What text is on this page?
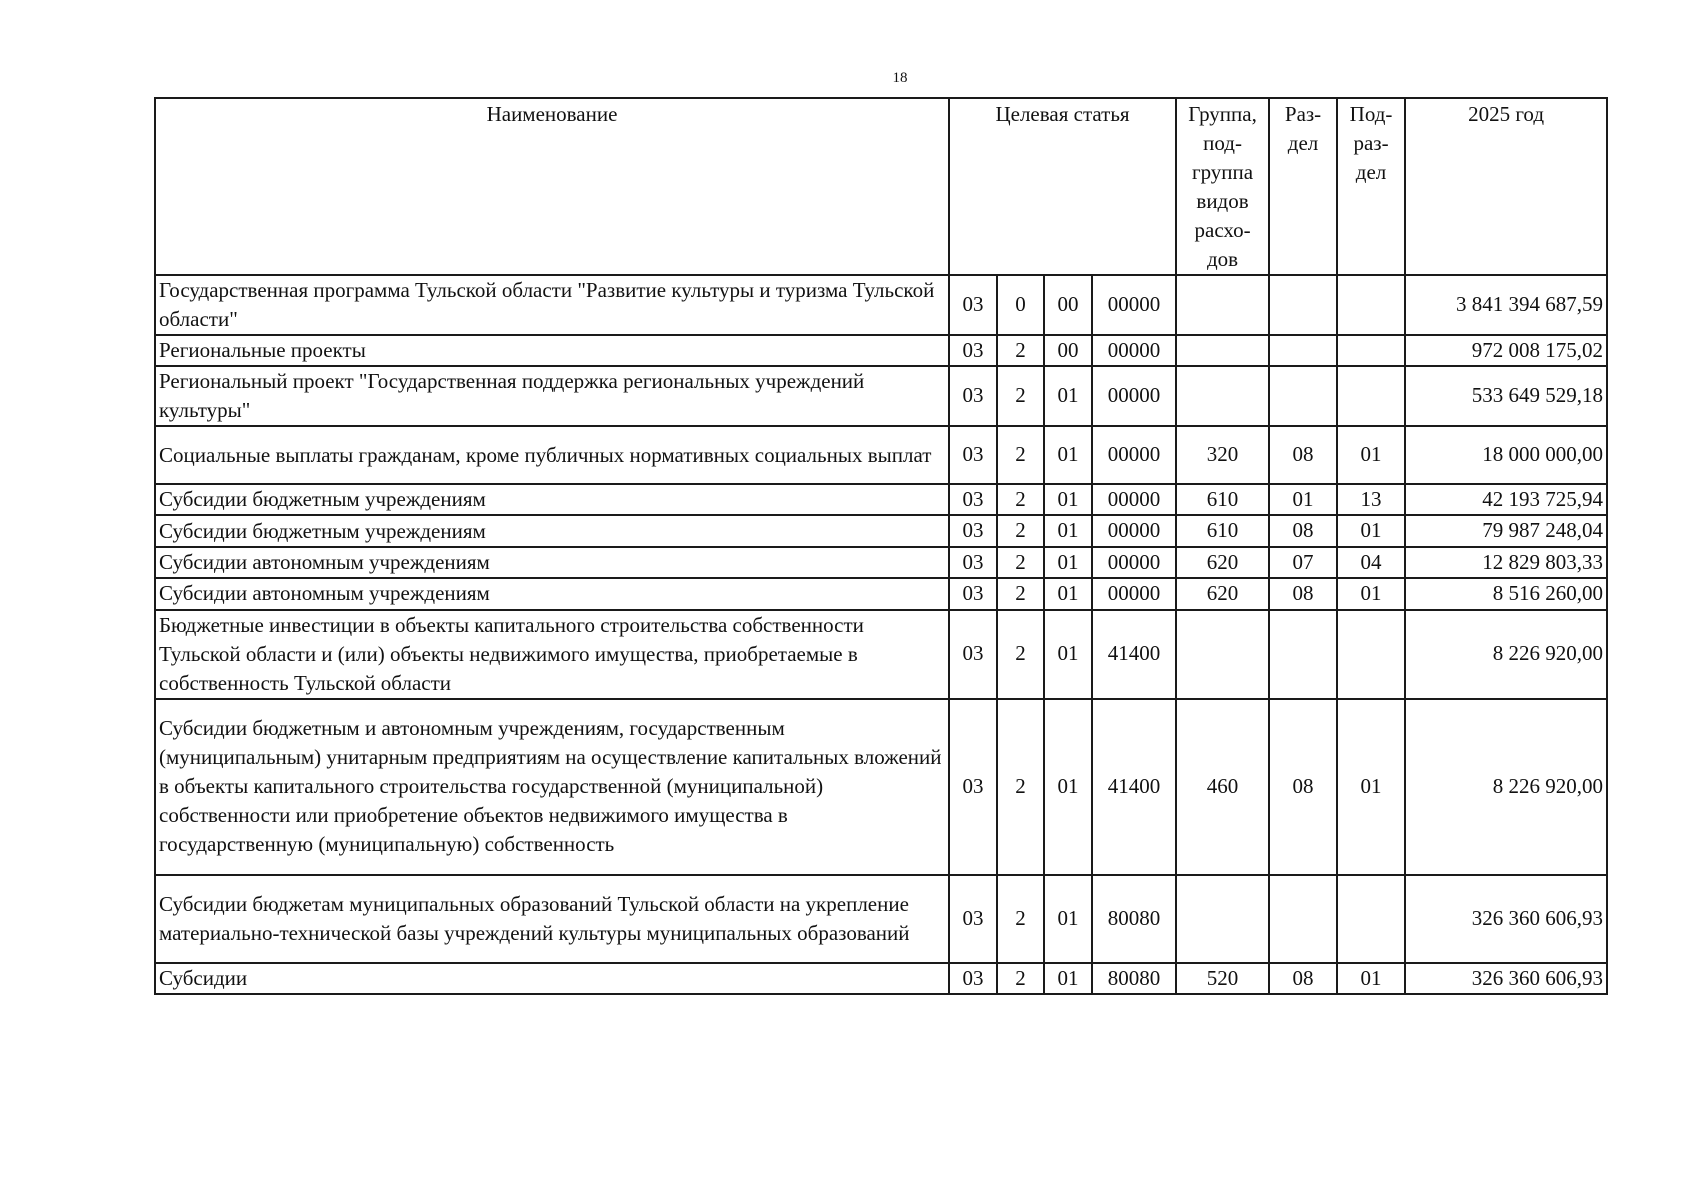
18
Наименование	Целевая статья				Группа, под- группа видов расхо- дов	Раз- дел	Под- раз- дел	2025 год
Государственная программа Тульской области "Развитие культуры и туризма Тульской области"	03	0	00	00000				3 841 394 687,59
Региональные проекты	03	2	00	00000				972 008 175,02
Региональный проект "Государственная поддержка региональных учреждений культуры"	03	2	01	00000				533 649 529,18
Социальные выплаты гражданам, кроме публичных нормативных социальных выплат	03	2	01	00000	320	08	01	18 000 000,00
Субсидии бюджетным учреждениям	03	2	01	00000	610	01	13	42 193 725,94
Субсидии бюджетным учреждениям	03	2	01	00000	610	08	01	79 987 248,04
Субсидии автономным учреждениям	03	2	01	00000	620	07	04	12 829 803,33
Субсидии автономным учреждениям	03	2	01	00000	620	08	01	8 516 260,00
Бюджетные инвестиции в объекты капитального строительства собственности Тульской области и (или) объекты недвижимого имущества, приобретаемые в собственность Тульской области	03	2	01	41400				8 226 920,00
Субсидии бюджетным и автономным учреждениям, государственным (муниципальным) унитарным предприятиям на осуществление капитальных вложений в объекты капитального строительства государственной (муниципальной) собственности или приобретение объектов недвижимого имущества в государственную (муниципальную) собственность	03	2	01	41400	460	08	01	8 226 920,00
Субсидии бюджетам муниципальных образований Тульской области на укрепление материально-технической базы учреждений культуры муниципальных образований	03	2	01	80080				326 360 606,93
Субсидии	03	2	01	80080	520	08	01	326 360 606,93
